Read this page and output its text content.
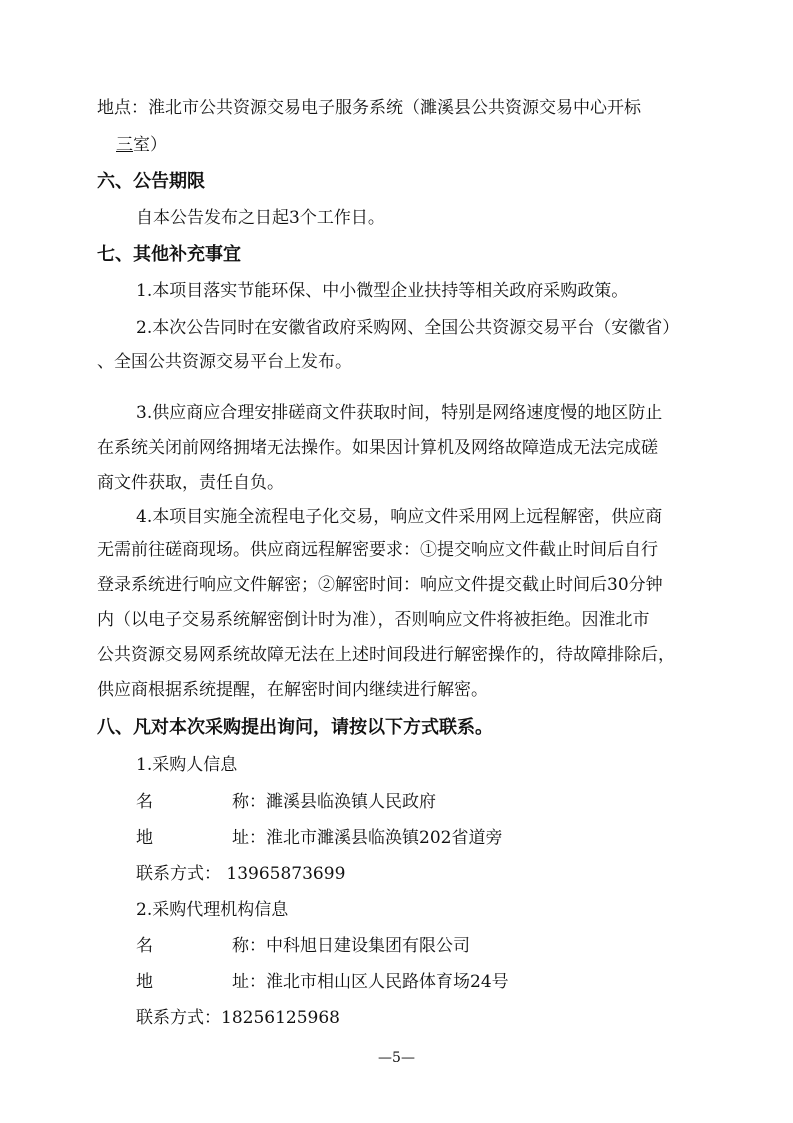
地点：淮北市公共资源交易电子服务系统（濉溪县公共资源交易中心开标
三室）
六、公告期限
自本公告发布之日起3个工作日。
七、其他补充事宜
1.本项目落实节能环保、中小微型企业扶持等相关政府采购政策。
2.本次公告同时在安徽省政府采购网、全国公共资源交易平台（安徽省）
、全国公共资源交易平台上发布。
3.供应商应合理安排磋商文件获取时间，特别是网络速度慢的地区防止
在系统关闭前网络拥堵无法操作。如果因计算机及网络故障造成无法完成磋
商文件获取，责任自负。
4.本项目实施全流程电子化交易，响应文件采用网上远程解密，供应商
无需前往磋商现场。供应商远程解密要求：①提交响应文件截止时间后自行
登录系统进行响应文件解密；②解密时间：响应文件提交截止时间后30分钟
内（以电子交易系统解密倒计时为准），否则响应文件将被拒绝。因淮北市
公共资源交易网系统故障无法在上述时间段进行解密操作的，待故障排除后，
供应商根据系统提醒，在解密时间内继续进行解密。
八、凡对本次采购提出询问，请按以下方式联系。
1.采购人信息
名	称：濉溪县临涣镇人民政府
地	址：淮北市濉溪县临涣镇202省道旁
联系方式： 13965873699
2.采购代理机构信息
名	称：中科旭日建设集团有限公司
地	址：淮北市相山区人民路体育场24号
联系方式：18256125968
—5—
